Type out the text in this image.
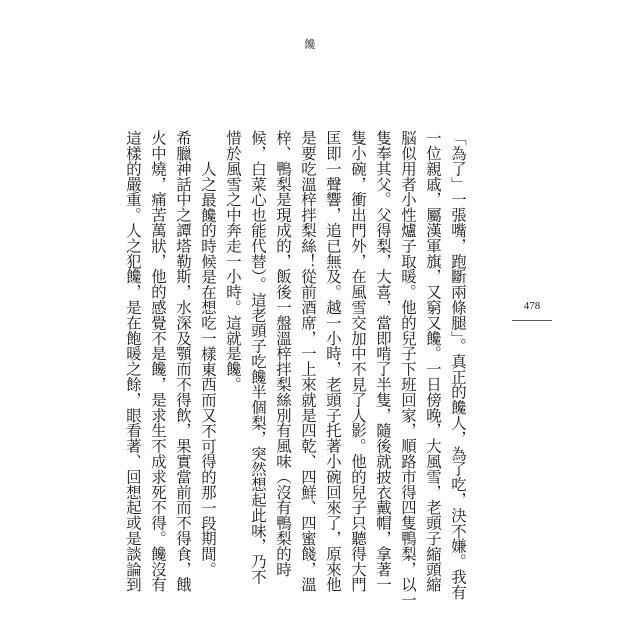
饞
478
「為了」一張嘴，跑斷兩條腿」。真正的饞人，為了吃，決不嫌。我有
一位親戚，屬漢軍旗，又窮又饞。一日傍晚，大風雪，老頭子縮頭縮
脳似用者小性爐子取暖。他的兒子下班回家，順路市得四隻鴨梨，以一
隻奉其父。父得梨，大喜，當即啃了半隻，隨後就披衣戴帽，拿著一
隻小碗，衝出門外，在風雪交加中不見了人影。他的兒子只聽得大門
匡即一聲響，追已無及。越一小時，老頭子托著小碗回來了，原來他
是要吃溫梓拌梨絲！從前酒席，一上來就是四乾、四鮮、四蜜餞，溫
梓、鴨梨是現成的，飯後一盤溫梓拌梨絲別有風味（沒有鴨梨的時
候，白菜心也能代替）。這老頭子吃饞半個梨，突然想起此味，乃不
惜於風雪之中奔走一小時。這就是饞。
人之最饞的時候是在想吃一樣東西而又不可得的那一段期間。
希臘神話中之譚塔勒斯，水深及顎而不得飲，果實當前而不得食，餓
火中燒，痛苦萬狀，他的感覺不是饞，是求生不成求死不得。饞沒有
這樣的嚴重。人之犯饞，是在飽暖之餘，眼看著、回想起或是談論到
